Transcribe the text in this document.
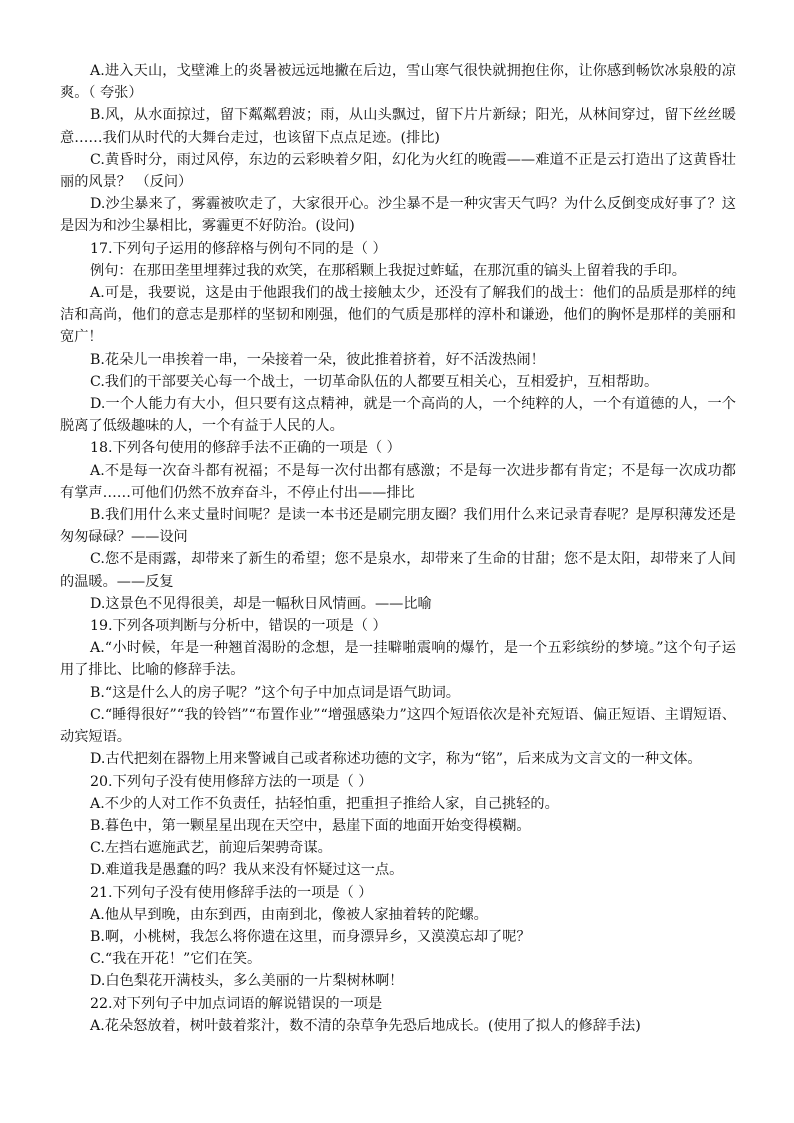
A.进入天山，戈壁滩上的炎暑被远远地撇在后边，雪山寒气很快就拥抱住你，让你感到畅饮冰泉般的凉爽。（ 夸张）

B.风，从水面掠过，留下粼粼碧波；雨，从山头飘过，留下片片新绿；阳光，从林间穿过，留下丝丝暖意……我们从时代的大舞台走过，也该留下点点足迹。(排比)

C.黄昏时分，雨过风停，东边的云彩映着夕阳，幻化为火红的晚霞——难道不正是云打造出了这黄昏壮丽的风景？ （反问）

D.沙尘暴来了，雾霾被吹走了，大家很开心。沙尘暴不是一种灾害天气吗？为什么反倒变成好事了？这是因为和沙尘暴相比，雾霾更不好防治。(设问)

17.下列句子运用的修辞格与例句不同的是（ ）

例句：在那田垄里埋葬过我的欢笑，在那稻颗上我捉过蚱蜢，在那沉重的镐头上留着我的手印。

A.可是，我要说，这是由于他跟我们的战士接触太少，还没有了解我们的战士：他们的品质是那样的纯洁和高尚，他们的意志是那样的坚韧和刚强，他们的气质是那样的淳朴和谦逊，他们的胸怀是那样的美丽和宽广！

B.花朵儿一串挨着一串，一朵接着一朵，彼此推着挤着，好不活泼热闹！

C.我们的干部要关心每一个战士，一切革命队伍的人都要互相关心，互相爱护，互相帮助。

D.一个人能力有大小，但只要有这点精神，就是一个高尚的人，一个纯粹的人，一个有道德的人，一个脱离了低级趣味的人，一个有益于人民的人。

18.下列各句使用的修辞手法不正确的一项是（ ）

A.不是每一次奋斗都有祝福；不是每一次付出都有感激；不是每一次进步都有肯定；不是每一次成功都有掌声……可他们仍然不放弃奋斗，不停止付出——排比

B.我们用什么来丈量时间呢？是读一本书还是刷完朋友圈？我们用什么来记录青春呢？是厚积薄发还是匆匆碌碌？——设问

C.您不是雨露，却带来了新生的希望；您不是泉水，却带来了生命的甘甜；您不是太阳，却带来了人间的温暖。——反复

D.这景色不见得很美，却是一幅秋日风情画。——比喻

19.下列各项判断与分析中，错误的一项是（ ）

A.“小时候，年是一种翘首渴盼的念想，是一挂噼啪震响的爆竹，是一个五彩缤纷的梦境。”这个句子运用了排比、比喻的修辞手法。

B.“这是什么人的房子呢？”这个句子中加点词是语气助词。

C.“睡得很好”“我的铃铛”“布置作业”“增强感染力”这四个短语依次是补充短语、偏正短语、主谓短语、动宾短语。

D.古代把刻在器物上用来警诫自己或者称述功德的文字，称为“铭”，后来成为文言文的一种文体。

20.下列句子没有使用修辞方法的一项是（ ）

A.不少的人对工作不负责任，拈轻怕重，把重担子推给人家，自己挑轻的。

B.暮色中，第一颗星星出现在天空中，悬崖下面的地面开始变得模糊。

C.左挡右遮施武艺，前迎后架骋奇谋。

D.难道我是愚蠢的吗？我从来没有怀疑过这一点。

21.下列句子没有使用修辞手法的一项是（ ）

A.他从早到晚，由东到西，由南到北，像被人家抽着转的陀螺。

B.啊，小桃树，我怎么将你遗在这里，而身漂异乡，又漠漠忘却了呢？

C.“我在开花！”它们在笑。

D.白色梨花开满枝头，多么美丽的一片梨树林啊！

22.对下列句子中加点词语的解说错误的一项是

A.花朵怒放着，树叶鼓着浆汁，数不清的杂草争先恐后地成长。(使用了拟人的修辞手法)
